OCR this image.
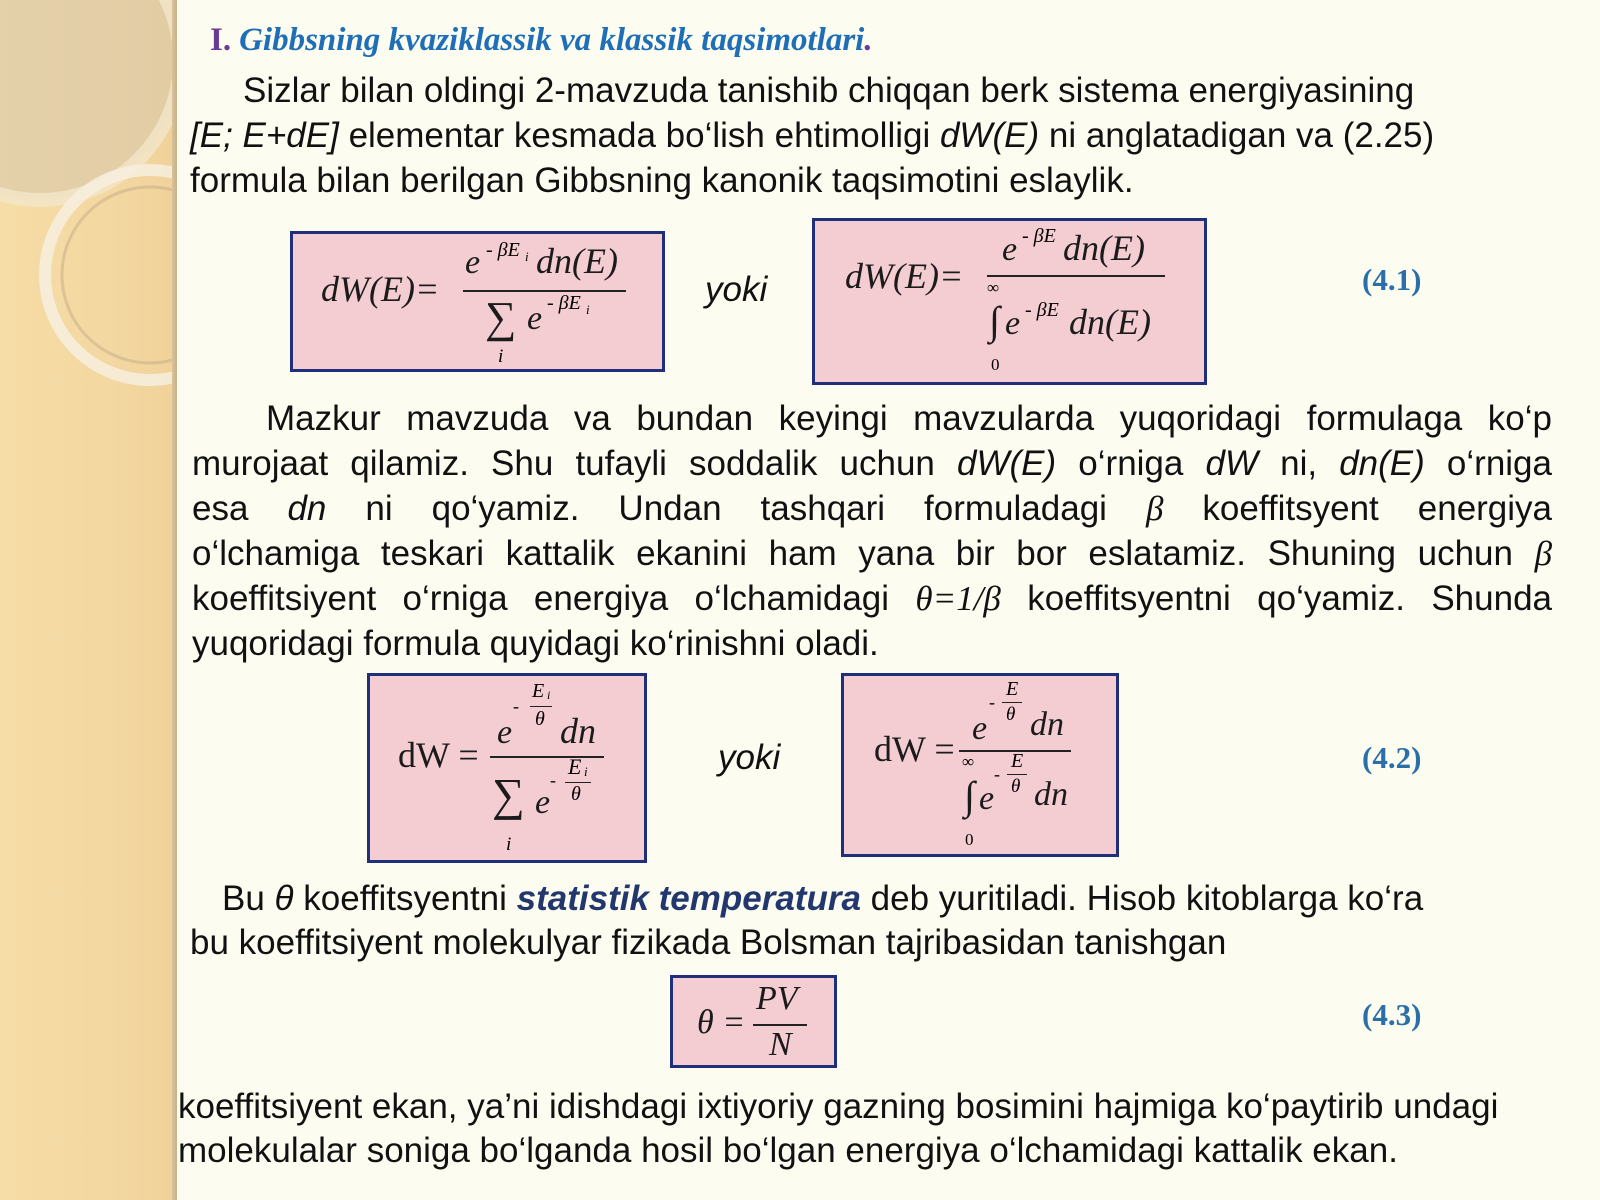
I. Gibbsning kvaziklassik va klassik taqsimotlari.
Sizlar bilan oldingi 2-mavzuda tanishib chiqqan berk sistema energiyasining
[E; E+dE] elementar kesmada bo‘lish ehtimolligi dW(E) ni anglatadigan va (2.25)
formula bilan berilgan Gibbsning kanonik taqsimotini eslaylik.
dW(E)=
e - βE i dn(E)
∑ e - βE i
i
yoki dW(E)=
e - βE dn(E)
∞
∫
0
e - βE dn(E)
(4.1)
Mazkur mavzuda va bundan keyingi mavzularda yuqoridagi formulaga ko‘p
murojaat qilamiz. Shu tufayli soddalik uchun dW(E) o‘rniga dW ni, dn(E) o‘rniga
esa dn ni qo‘yamiz. Undan tashqari formuladagi β koeffitsyent energiya
o‘lchamiga teskari kattalik ekanini ham yana bir bor eslatamiz. Shuning uchun β
koeffitsiyent o‘rniga energiya o‘lchamidagi θ=1/β koeffitsyentni qo‘yamiz. Shunda
yuqoridagi formula quyidagi ko‘rinishni oladi.
dW =
e
-
E i
θ dn
E i
θ
-
∑ e
i
yoki	dW =
e
-
E
θ dn
∞
∫
0
e
-
E
θ dn
(4.2)
Bu θ koeffitsyentni statistik temperatura deb yuritiladi. Hisob kitoblarga ko‘ra
bu koeffitsiyent molekulyar fizikada Bolsman tajribasidan tanishgan
θ =
PV
N
(4.3)
koeffitsiyent ekan, ya’ni idishdagi ixtiyoriy gazning bosimini hajmiga ko‘paytirib undagi
molekulalar soniga bo‘lganda hosil bo‘lgan energiya o‘lchamidagi kattalik ekan.
